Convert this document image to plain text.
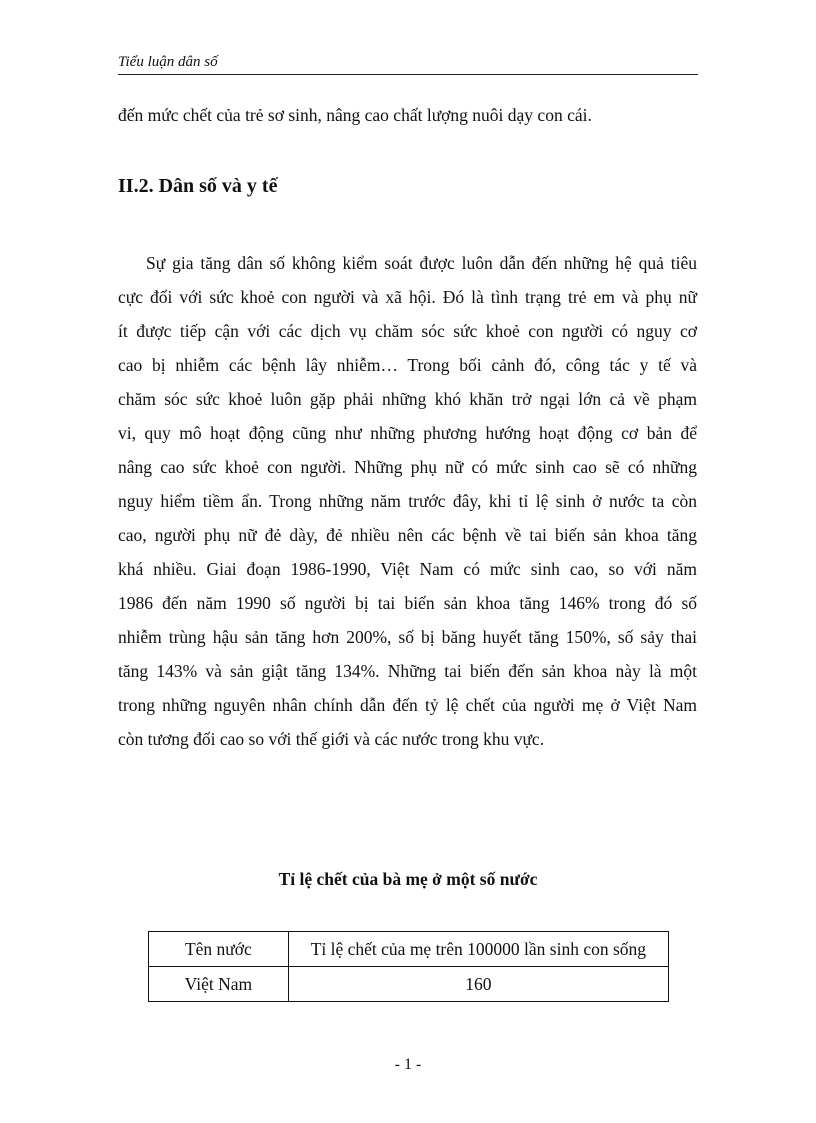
Tiểu luận dân số
đến mức chết của trẻ sơ sinh, nâng cao chất lượng nuôi dạy con cái.
II.2. Dân số và y tế
Sự gia tăng dân số không kiểm soát được luôn dẫn đến những hệ quả tiêu
cực đối với sức khoẻ con người và xã hội. Đó là tình trạng trẻ em và phụ nữ
ít được tiếp cận với các dịch vụ chăm sóc sức khoẻ con người có nguy cơ
cao bị nhiễm các bệnh lây nhiễm… Trong bối cảnh đó, công tác y tế và
chăm sóc sức khoẻ luôn gặp phải những khó khăn trở ngại lớn cả về phạm
vi, quy mô hoạt động cũng như những phương hướng hoạt động cơ bản để
nâng cao sức khoẻ con người. Những phụ nữ có mức sinh cao sẽ có những
nguy hiểm tiềm ẩn. Trong những năm trước đây, khi tỉ lệ sinh ở nước ta còn
cao, người phụ nữ đẻ dày, đẻ nhiều nên các bệnh về tai biến sản khoa tăng
khá nhiều. Giai đoạn 1986-1990, Việt Nam có mức sinh cao, so với năm
1986 đến năm 1990 số người bị tai biến sản khoa tăng 146% trong đó số
nhiễm trùng hậu sản tăng hơn 200%, số bị băng huyết tăng 150%, số sảy thai
tăng 143% và sản giật tăng 134%. Những tai biến đến sản khoa này là một
trong những nguyên nhân chính dẫn đến tỷ lệ chết của người mẹ ở Việt Nam
còn tương đối cao so với thế giới và các nước trong khu vực.
Tỉ lệ chết của bà mẹ ở một số nước
Tên nước	Tỉ lệ chết của mẹ trên 100000 lần sinh con sống
Việt Nam	160
- 1 -
